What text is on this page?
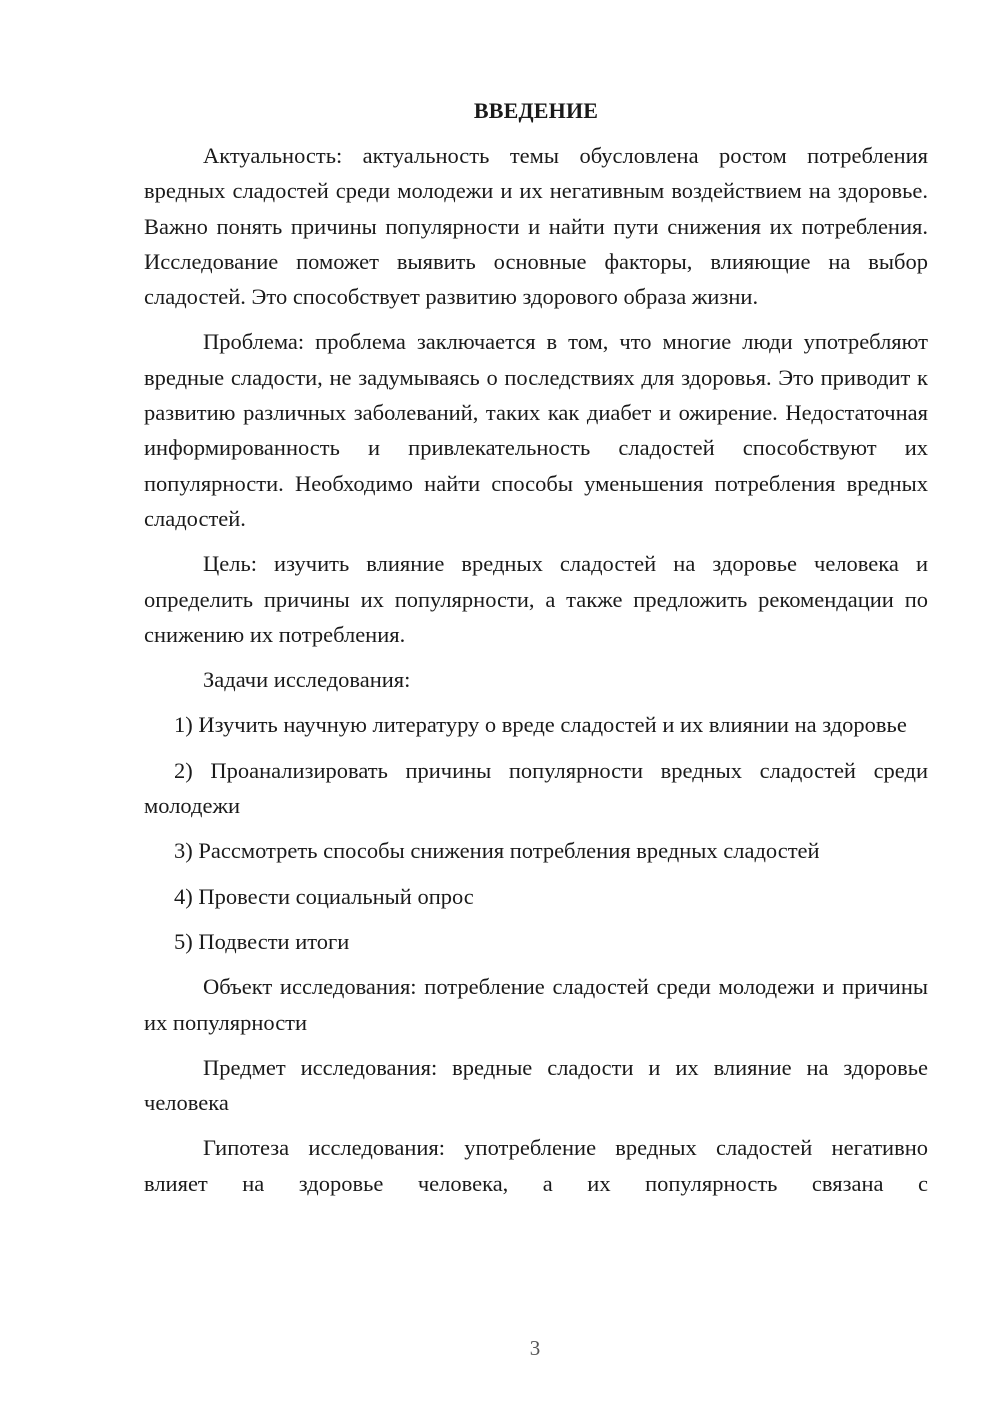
ВВЕДЕНИЕ

Актуальность: актуальность темы обусловлена ростом потребления вредных сладостей среди молодежи и их негативным воздействием на здоровье. Важно понять причины популярности и найти пути снижения их потребления. Исследование поможет выявить основные факторы, влияющие на выбор сладостей. Это способствует развитию здорового образа жизни.

Проблема: проблема заключается в том, что многие люди употребляют вредные сладости, не задумываясь о последствиях для здоровья. Это приводит к развитию различных заболеваний, таких как диабет и ожирение. Недостаточная информированность и привлекательность сладостей способствуют их популярности. Необходимо найти способы уменьшения потребления вредных сладостей.

Цель: изучить влияние вредных сладостей на здоровье человека и определить причины их популярности, а также предложить рекомендации по снижению их потребления.

Задачи исследования:

1) Изучить научную литературу о вреде сладостей и их влиянии на здоровье

2) Проанализировать причины популярности вредных сладостей среди молодежи

3) Рассмотреть способы снижения потребления вредных сладостей

4) Провести социальный опрос

5) Подвести итоги

Объект исследования: потребление сладостей среди молодежи и причины их популярности

Предмет исследования: вредные сладости и их влияние на здоровье человека

Гипотеза исследования: употребление вредных сладостей негативно влияет на здоровье человека, а их популярность связана с

3
